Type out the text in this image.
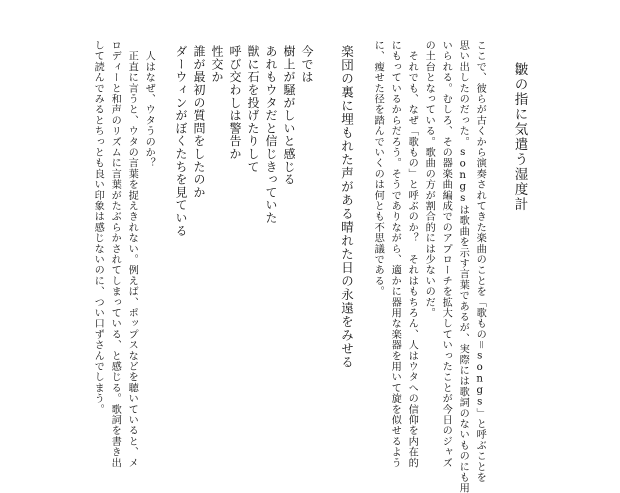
皺の指に気遣う湿度計
ここで、彼らが古くから演奏されてきた楽曲のことを「歌もの＝songs」と呼ぶことを
思い出したのだった。songsは歌曲を示す言葉であるが、実際には歌詞のないものにも用
いられる。むしろ、その器楽曲編成でのアプローチを拡大していったことが今日のジャズ
の土台となっている。歌曲の方が割合的には少ないのだ。
　それでも、なぜ「歌もの」と呼ぶのか？　それはもちろん、人はウタへの信仰を内在的
にもっているからだろう。そうでありながら、適かに器用な楽器を用いて旋を似せるよう
に、瘦せた径を踏んでいくのは何とも不思議である。
楽団の裏に埋もれた声がある晴れた日の永遠をみせる
今では
樹上が騒がしいと感じる
あれもウタだと信じきっていた
獣に石を投げたりして
呼び交わしは警告か
性交か
誰が最初の質問をしたのか
ダーウィンがぼくたちを見ている
　人はなぜ、ウタうのか？
　正直に言うと、ウタの言葉を捉えきれない。例えば、ポップスなどを聴いていると、メ
ロディーと和声のリズムに言葉がたぶらかされてしまっている、と感じる。歌詞を書き出
して読んでみるとちっとも良い印象は感じないのに、つい口ずさんでしまう。
